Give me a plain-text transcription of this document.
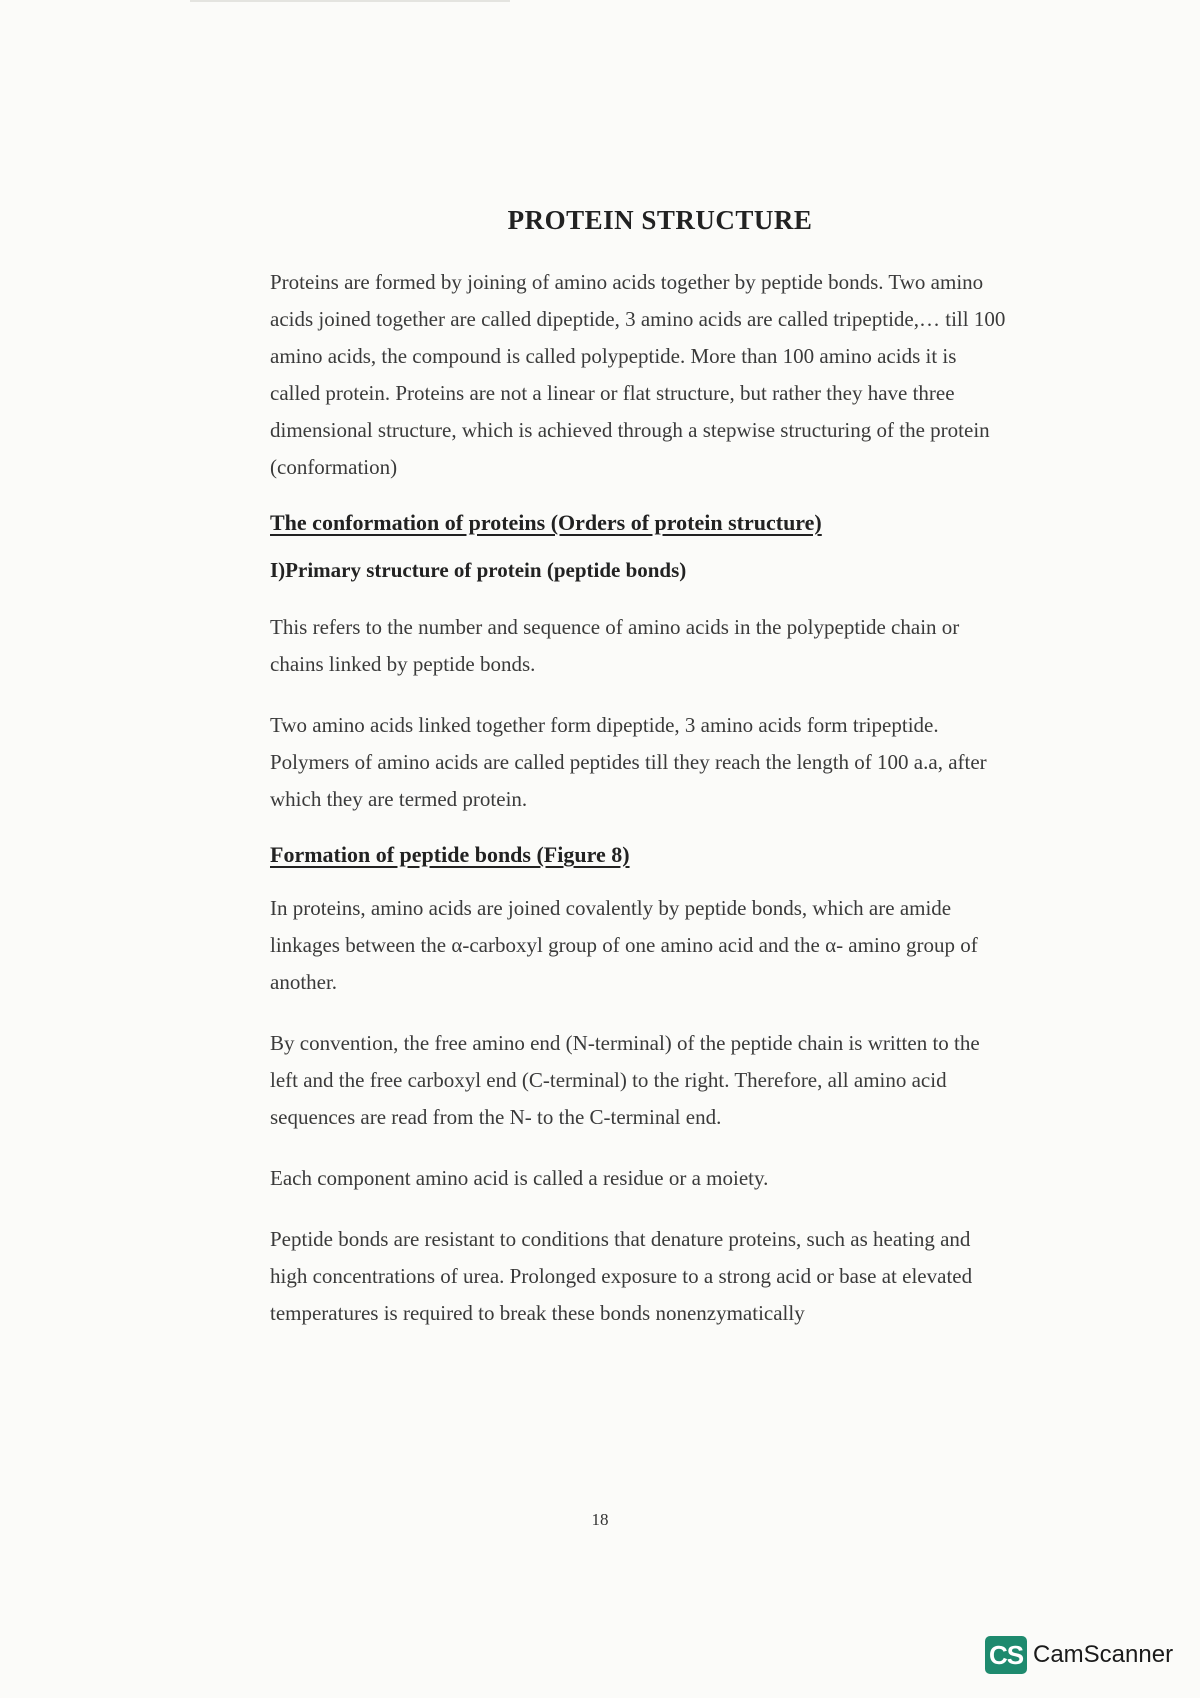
PROTEIN STRUCTURE

Proteins are formed by joining of amino acids together by peptide bonds. Two amino acids joined together are called dipeptide, 3 amino acids are called tripeptide,… till 100 amino acids, the compound is called polypeptide. More than 100 amino acids it is called protein. Proteins are not a linear or flat structure, but rather they have three dimensional structure, which is achieved through a stepwise structuring of the protein (conformation)

The conformation of proteins (Orders of protein structure)
I)Primary structure of protein (peptide bonds)

This refers to the number and sequence of amino acids in the polypeptide chain or chains linked by peptide bonds.

Two amino acids linked together form dipeptide, 3 amino acids form tripeptide. Polymers of amino acids are called peptides till they reach the length of 100 a.a, after which they are termed protein.

Formation of peptide bonds (Figure 8)

In proteins, amino acids are joined covalently by peptide bonds, which are amide linkages between the α-carboxyl group of one amino acid and the α- amino group of another.

By convention, the free amino end (N-terminal) of the peptide chain is written to the left and the free carboxyl end (C-terminal) to the right. Therefore, all amino acid sequences are read from the N- to the C-terminal end.

Each component amino acid is called a residue or a moiety.

Peptide bonds are resistant to conditions that denature proteins, such as heating and high concentrations of urea. Prolonged exposure to a strong acid or base at elevated temperatures is required to break these bonds nonenzymatically

18
CS CamScanner
